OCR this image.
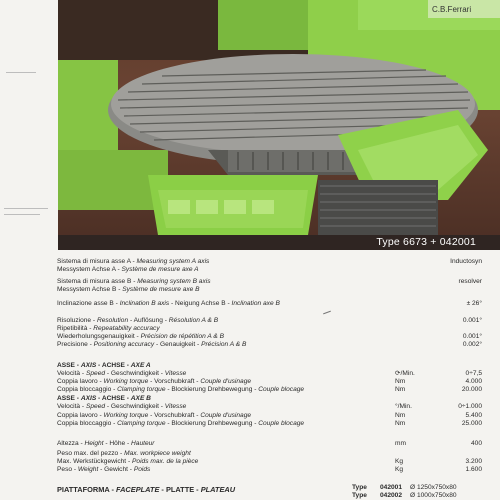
C.B.Ferrari
Type 6673 + 042001
Sistema di misura asse A - Measuring system A axis	Inductosyn
Messystem Achse A - Système de mesure axe A
Sistema di misura asse B - Measuring system B axis	resolver
Messystem Achse B - Système de mesure axe B
Inclinazione asse B - Inclination B axis - Neigung Achse B - Inclination axe B	± 26°
Risoluzione - Resolution - Auflösung - Résolution A & B	0.001°
Ripetibilità - Repeatability accuracy
Wiederholungsgenauigkeit - Précision de répétition A & B	0.001°
Precisione - Positioning accuracy - Genauigkeit - Précision A & B	0.002°
ASSE - AXIS - ACHSE - AXE A
Velocità - Speed - Geschwindigkeit - Vitesse	⟳/Min.	0÷7,5
Coppia lavoro - Working torque - Vorschubkraft - Couple d'usinage	Nm	4.000
Coppia bloccaggio - Clamping torque - Blockierung Drehbewegung - Couple blocage	Nm	20.000
ASSE - AXIS - ACHSE - AXE B
Velocità - Speed - Geschwindigkeit - Vitesse	°/Min.	0÷1.000
Coppia lavoro - Working torque - Vorschubkraft - Couple d'usinage	Nm	5.400
Coppia bloccaggio - Clamping torque - Blockierung Drehbewegung - Couple blocage	Nm	25.000
Altezza - Height - Höhe - Hauteur	mm	400
Peso max. del pezzo - Max. workpiece weight
Max. Werkstückgewicht - Poids max. de la pièce	Kg	3.200
Peso - Weight - Gewicht - Poids	Kg	1.600
PIATTAFORMA - FACEPLATE - PLATTE - PLATEAU	Type 042001 Ø 1250x750x80
Type 042002 Ø 1000x750x80
